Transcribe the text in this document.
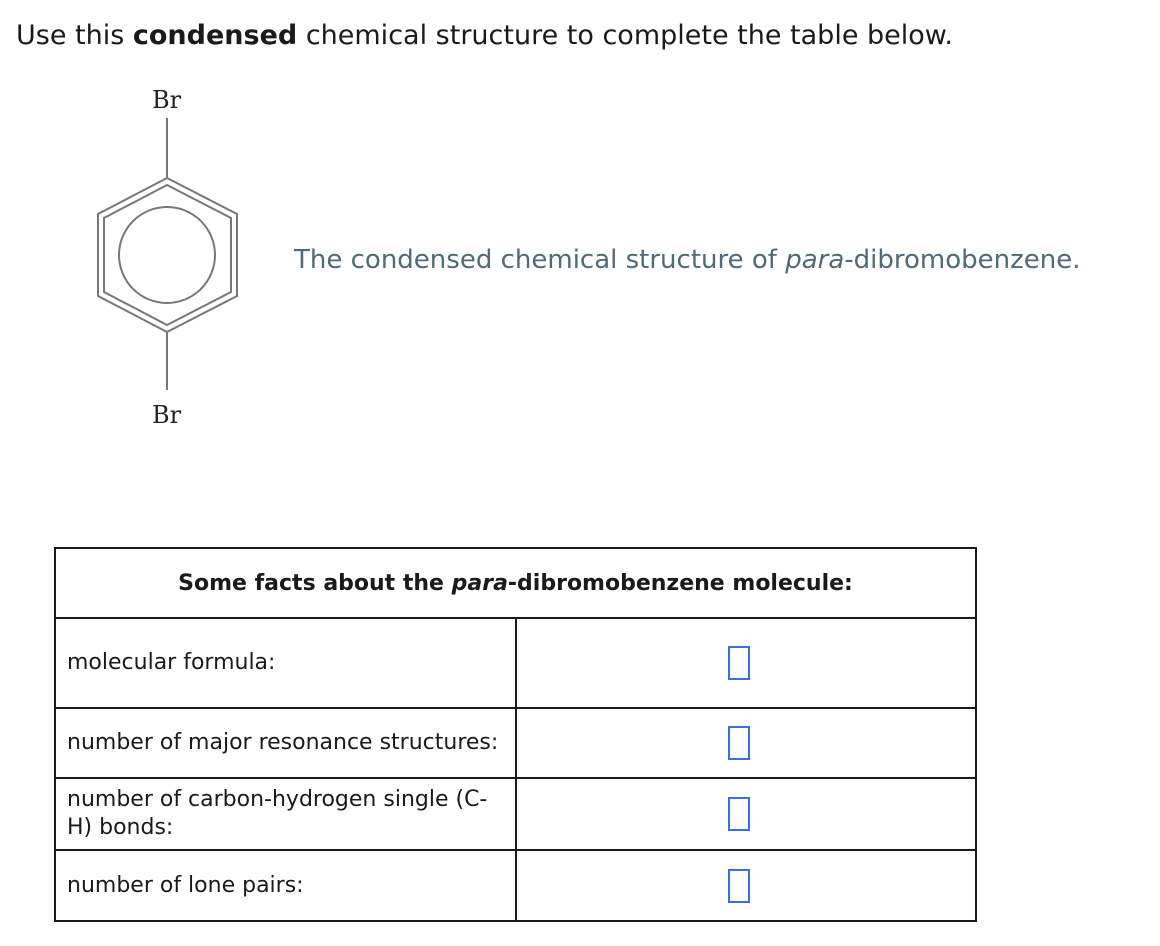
Use this condensed chemical structure to complete the table below.
Br
Br
The condensed chemical structure of para-dibromobenzene.
Some facts about the para-dibromobenzene molecule:	
molecular formula:	
number of major resonance structures:	
number of carbon-hydrogen single (C-H) bonds:	
number of lone pairs:	
